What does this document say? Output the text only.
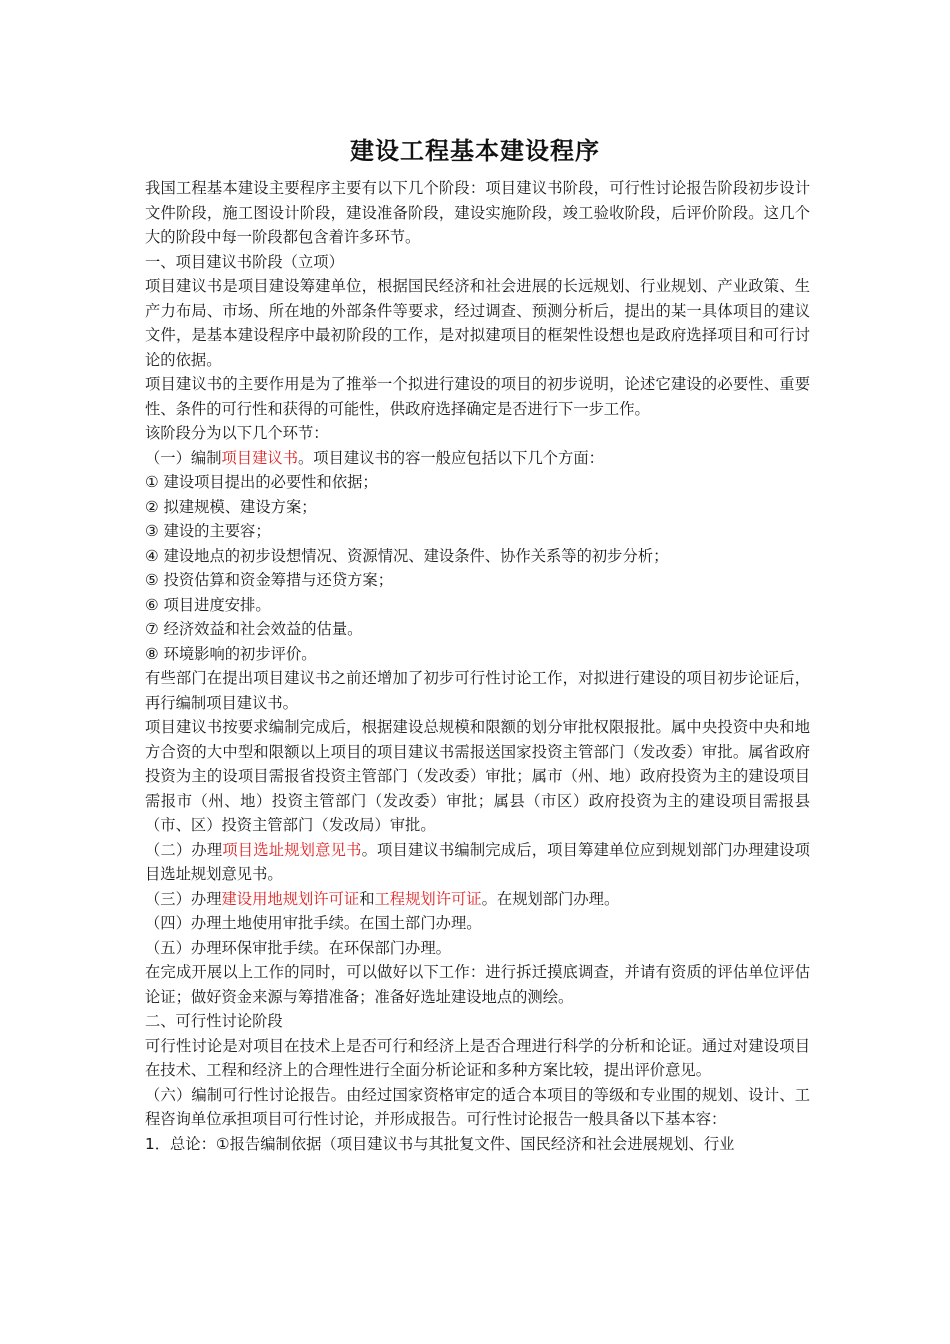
建设工程基本建设程序
我国工程基本建设主要程序主要有以下几个阶段：项目建议书阶段，可行性讨论报告阶段初步设计文件阶段，施工图设计阶段，建设准备阶段，建设实施阶段，竣工验收阶段，后评价阶段。这几个大的阶段中每一阶段都包含着许多环节。
一、项目建议书阶段（立项）
项目建议书是项目建设筹建单位，根据国民经济和社会进展的长远规划、行业规划、产业政策、生产力布局、市场、所在地的外部条件等要求，经过调查、预测分析后，提出的某一具体项目的建议文件，是基本建设程序中最初阶段的工作，是对拟建项目的框架性设想也是政府选择项目和可行讨论的依据。
项目建议书的主要作用是为了推举一个拟进行建设的项目的初步说明，论述它建设的必要性、重要性、条件的可行性和获得的可能性，供政府选择确定是否进行下一步工作。
该阶段分为以下几个环节：
（一）编制项目建议书。项目建议书的容一般应包括以下几个方面：
① 建设项目提出的必要性和依据；
② 拟建规模、建设方案；
③ 建设的主要容；
④ 建设地点的初步设想情况、资源情况、建设条件、协作关系等的初步分析；
⑤ 投资估算和资金筹措与还贷方案；
⑥ 项目进度安排。
⑦ 经济效益和社会效益的估量。
⑧ 环境影响的初步评价。
有些部门在提出项目建议书之前还增加了初步可行性讨论工作，对拟进行建设的项目初步论证后，再行编制项目建议书。
项目建议书按要求编制完成后，根据建设总规模和限额的划分审批权限报批。属中央投资中央和地方合资的大中型和限额以上项目的项目建议书需报送国家投资主管部门（发改委）审批。属省政府投资为主的设项目需报省投资主管部门（发改委）审批；属市（州、地）政府投资为主的建设项目需报市（州、地）投资主管部门（发改委）审批；属县（市区）政府投资为主的建设项目需报县（市、区）投资主管部门（发改局）审批。
（二）办理项目选址规划意见书。项目建议书编制完成后，项目筹建单位应到规划部门办理建设项目选址规划意见书。
（三）办理建设用地规划许可证和工程规划许可证。在规划部门办理。
（四）办理土地使用审批手续。在国土部门办理。
（五）办理环保审批手续。在环保部门办理。
在完成开展以上工作的同时，可以做好以下工作：进行拆迁摸底调查，并请有资质的评估单位评估论证；做好资金来源与筹措准备；准备好选址建设地点的测绘。
二、可行性讨论阶段
可行性讨论是对项目在技术上是否可行和经济上是否合理进行科学的分析和论证。通过对建设项目在技术、工程和经济上的合理性进行全面分析论证和多种方案比较，提出评价意见。
（六）编制可行性讨论报告。由经过国家资格审定的适合本项目的等级和专业围的规划、设计、工程咨询单位承担项目可行性讨论，并形成报告。可行性讨论报告一般具备以下基本容：
1．总论：①报告编制依据（项目建议书与其批复文件、国民经济和社会进展规划、行业
